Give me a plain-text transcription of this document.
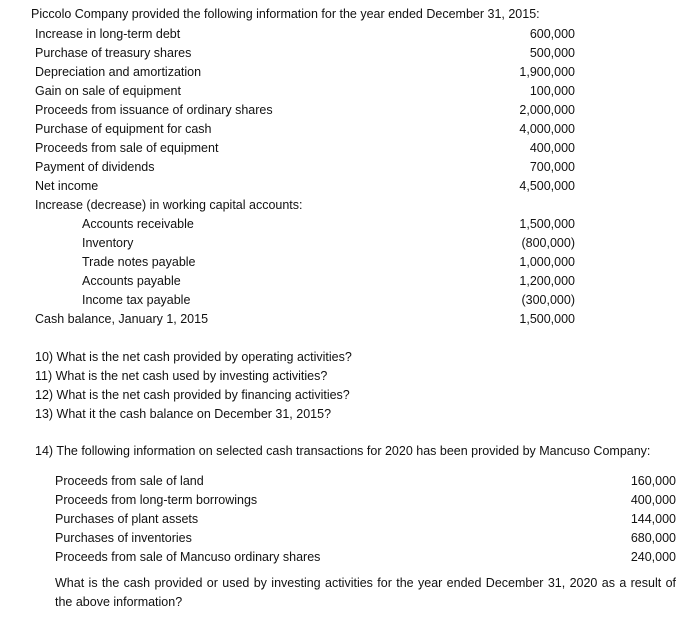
Piccolo Company provided the following information for the year ended December 31, 2015:
Increase in long-term debt	600,000
Purchase of treasury shares	500,000
Depreciation and amortization	1,900,000
Gain on sale of equipment	100,000
Proceeds from issuance of ordinary shares	2,000,000
Purchase of equipment for cash	4,000,000
Proceeds from sale of equipment	400,000
Payment of dividends	700,000
Net income	4,500,000
Increase (decrease) in working capital accounts:
Accounts receivable	1,500,000
Inventory	(800,000)
Trade notes payable	1,000,000
Accounts payable	1,200,000
Income tax payable	(300,000)
Cash balance, January 1, 2015	1,500,000
10) What is the net cash provided by operating activities?
11) What is the net cash used by investing activities?
12) What is the net cash provided by financing activities?
13) What it the cash balance on December 31, 2015?
14) The following information on selected cash transactions for 2020 has been provided by Mancuso Company:
Proceeds from sale of land	160,000
Proceeds from long-term borrowings	400,000
Purchases of plant assets	144,000
Purchases of inventories	680,000
Proceeds from sale of Mancuso ordinary shares	240,000
What is the cash provided or used by investing activities for the year ended December 31, 2020 as a result of the above information?
